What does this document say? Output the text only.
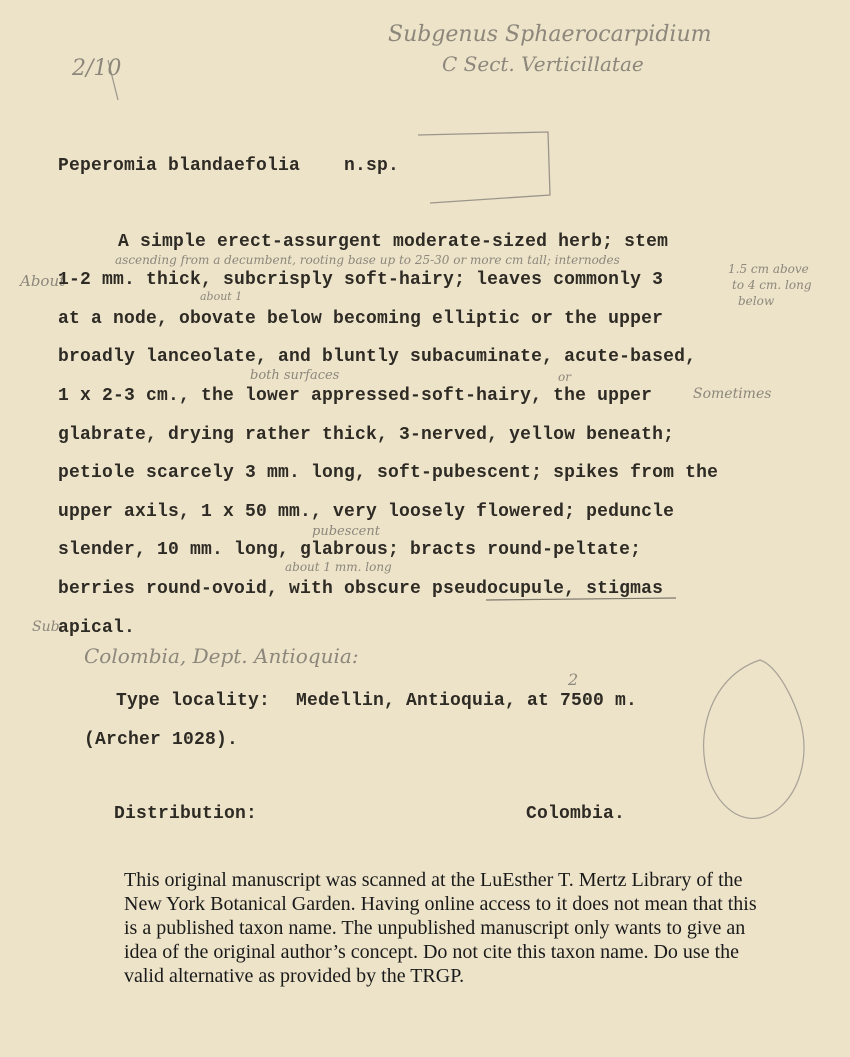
Subgenus Sphaerocarpidium
C Sect. Verticillatae
2/10
ascending from a decumbent, rooting base up to 25-30 or more cm tall; internodes
1.5 cm above
to 4 cm. long
below
About
about 1
both surfaces	or
Sometimes
pubescent
about 1 mm. long
Sub
Colombia, Dept. Antioquia:
2
Peperomia blandaefolia n.sp.
A simple erect-assurgent moderate-sized herb; stem
1-2 mm. thick, subcrisply soft-hairy; leaves commonly 3
at a node, obovate below becoming elliptic or the upper
broadly lanceolate, and bluntly subacuminate, acute-based,
1 x 2-3 cm., the lower appressed-soft-hairy, the upper
glabrate, drying rather thick, 3-nerved, yellow beneath;
petiole scarcely 3 mm. long, soft-pubescent; spikes from the
upper axils, 1 x 50 mm., very loosely flowered; peduncle
slender, 10 mm. long, glabrous; bracts round-peltate;
berries round-ovoid, with obscure pseudocupule, stigmas
apical.
Type locality: Medellin, Antioquia, at 7500 m.
(Archer 1028).
Distribution:	Colombia.
This original manuscript was scanned at the LuEsther T. Mertz Library of the New York Botanical Garden. Having online access to it does not mean that this is a published taxon name. The unpublished manuscript only wants to give an idea of the original author’s concept. Do not cite this taxon name. Do use the valid alternative as provided by the TRGP.
